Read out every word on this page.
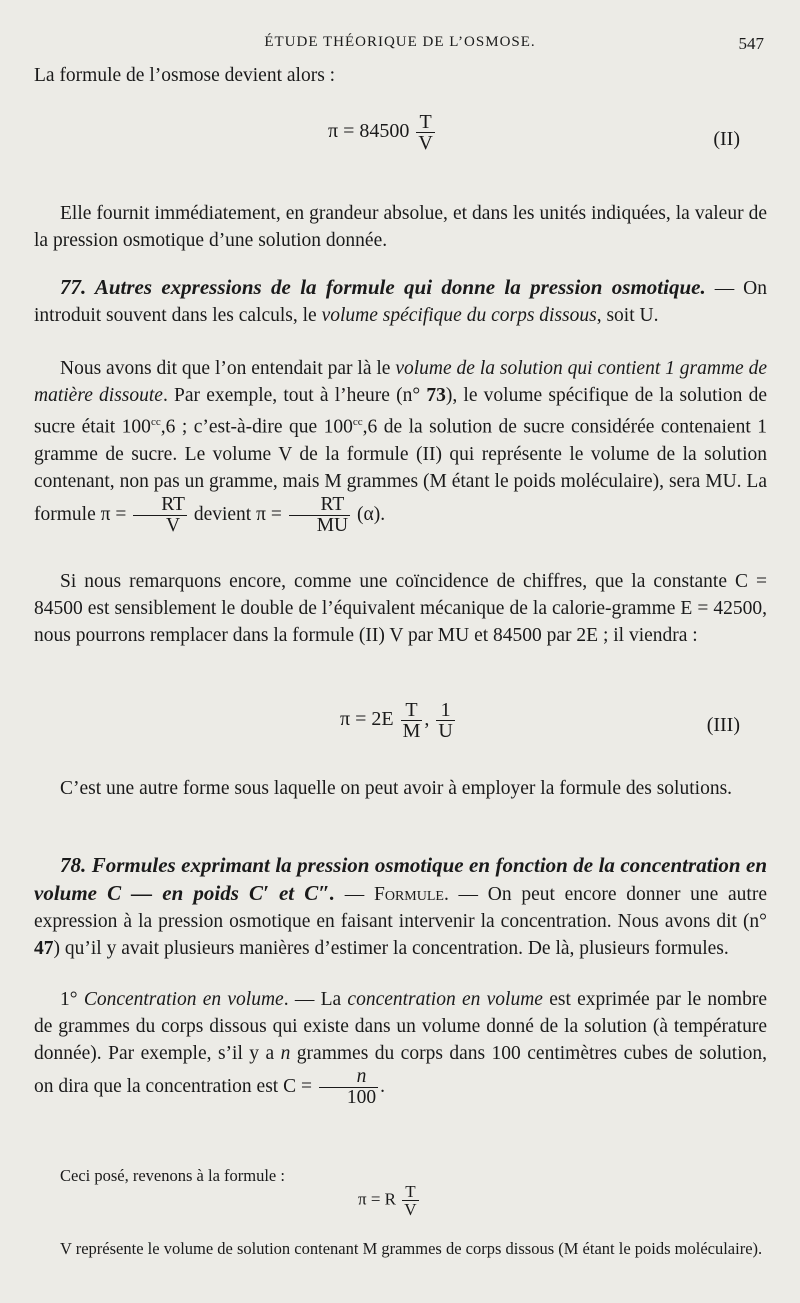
ÉTUDE THÉORIQUE DE L’OSMOSE.	547
La formule de l’osmose devient alors :
$\pi = 84500 \frac{T}{V}$	(II)
Elle fournit immédiatement, en grandeur absolue, et dans les unités indiquées, la valeur de la pression osmotique d’une solution donnée.
77. Autres expressions de la formule qui donne la pression osmotique. — On introduit souvent dans les calculs, le volume spécifique du corps dissous, soit U.
Nous avons dit que l’on entendait par là le volume de la solution qui contient 1 gramme de matière dissoute. Par exemple, tout à l’heure (n° 73), le volume spécifique de la solution de sucre était $100^{cc},6$ ; c’est-à-dire que $100^{cc},6$ de la solution de sucre considérée contenaient 1 gramme de sucre. Le volume V de la formule (II) qui représente le volume de la solution contenant, non pas un gramme, mais M grammes (M étant le poids moléculaire), sera MU. La formule $\pi = \frac{RT}{V}$ devient $\pi = \frac{RT}{MU} (\alpha)$.
Si nous remarquons encore, comme une coïncidence de chiffres, que la constante C = 84500 est sensiblement le double de l’équivalent mécanique de la calorie-gramme E = 42500, nous pourrons remplacer dans la formule (II) V par MU et 84500 par 2E ; il viendra :
$\pi = 2E \frac{T}{M}$ , $\frac{1}{U}$	(III)
C’est une autre forme sous laquelle on peut avoir à employer la formule des solutions.
78. Formules exprimant la pression osmotique en fonction de la concentration en volume C — en poids C′ et C″. — Formule. — On peut encore donner une autre expression à la pression osmotique en faisant intervenir la concentration. Nous avons dit (n° 47) qu’il y avait plusieurs manières d’estimer la concentration. De là, plusieurs formules.
1° Concentration en volume. — La concentration en volume est exprimée par le nombre de grammes du corps dissous qui existe dans un volume donné de la solution (à température donnée). Par exemple, s’il y a n grammes du corps dans 100 centimètres cubes de solution, on dira que la concentration est $C = \frac{n}{100}$ .
Ceci posé, revenons à la formule :
π = R $\frac{T}{V}$
V représente le volume de solution contenant M grammes de corps dissous (M étant le poids moléculaire).
